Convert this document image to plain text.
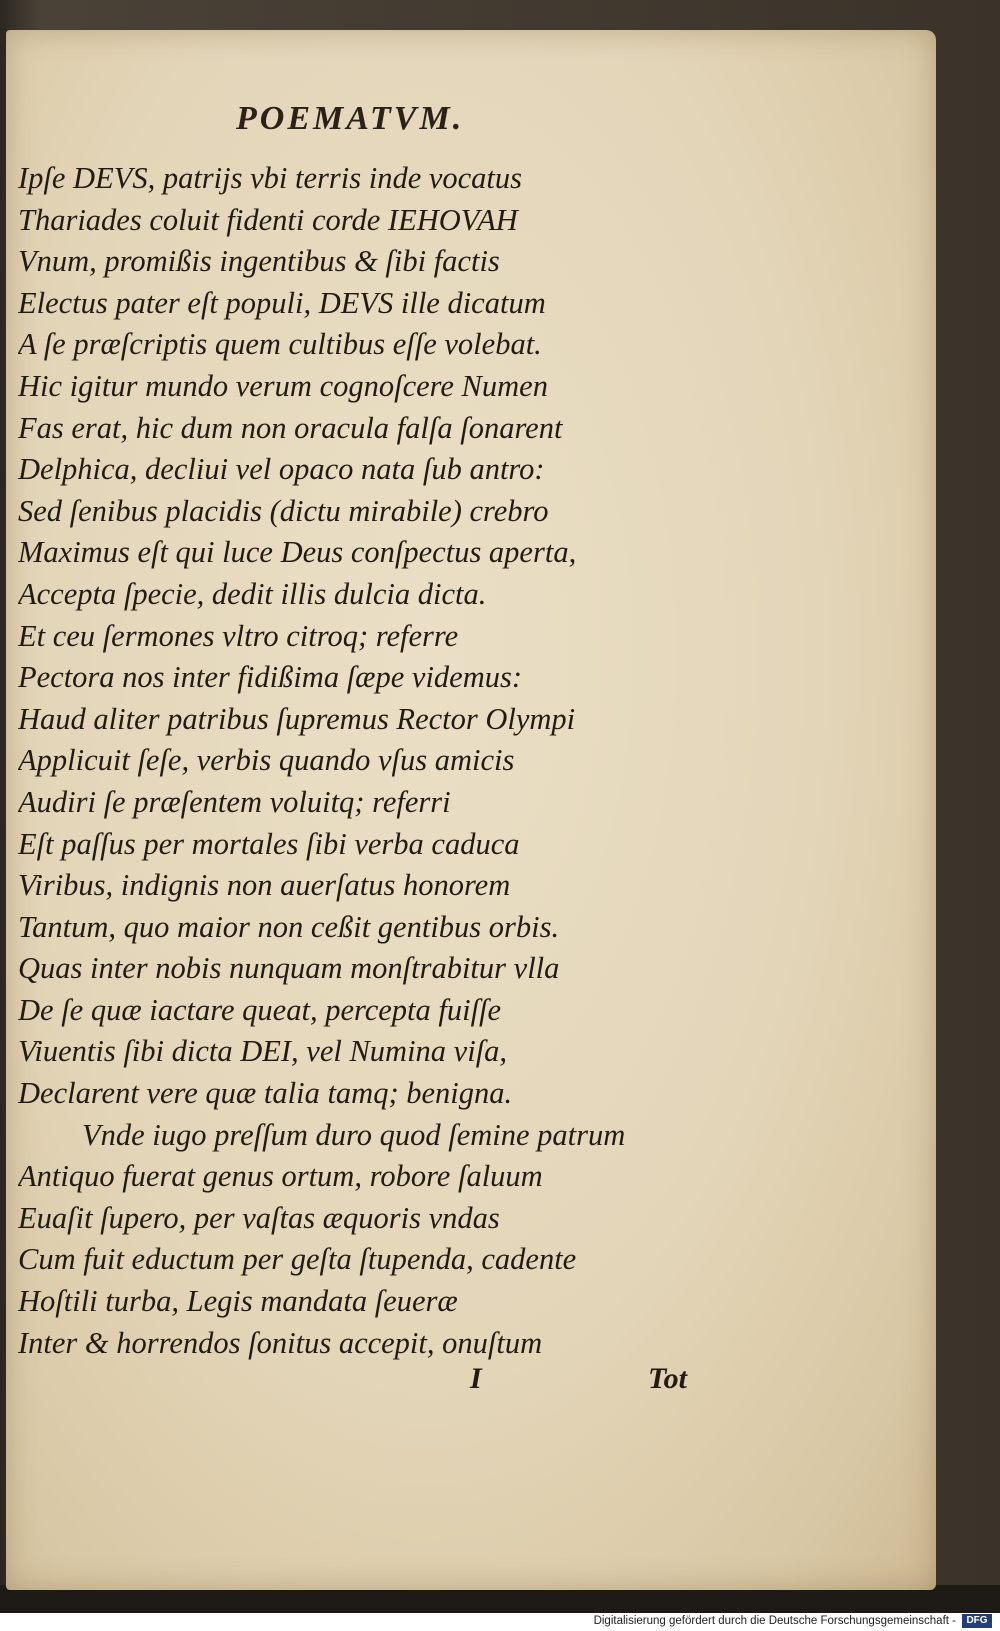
POEMATVM.
Ipſe DEVS, patrijs vbi terris inde vocatus
Thariades coluit fidenti corde IEHOVAH
Vnum, promißis ingentibus & ſibi factis
Electus pater eſt populi, DEVS ille dicatum
A ſe præſcriptis quem cultibus eſſe volebat.
Hic igitur mundo verum cognoſcere Numen
Fas erat, hic dum non oracula falſa ſonarent
Delphica, decliui vel opaco nata ſub antro:
Sed ſenibus placidis (dictu mirabile) crebro
Maximus eſt qui luce Deus conſpectus aperta,
Accepta ſpecie, dedit illis dulcia dicta.
Et ceu ſermones vltro citroq; referre
Pectora nos inter fidißima ſæpe videmus:
Haud aliter patribus ſupremus Rector Olympi
Applicuit ſeſe, verbis quando vſus amicis
Audiri ſe præſentem voluitq; referri
Eſt paſſus per mortales ſibi verba caduca
Viribus, indignis non auerſatus honorem
Tantum, quo maior non ceßit gentibus orbis.
Quas inter nobis nunquam monſtrabitur vlla
De ſe quæ iactare queat, percepta fuiſſe
Viuentis ſibi dicta DEI, vel Numina viſa,
Declarent vere quæ talia tamq; benigna.
Vnde iugo preſſum duro quod ſemine patrum
Antiquo fuerat genus ortum, robore ſaluum
Euaſit ſupero, per vaſtas æquoris vndas
Cum fuit eductum per geſta ſtupenda, cadente
Hoſtili turba, Legis mandata ſeueræ
Inter & horrendos ſonitus accepit, onuſtum
I	Tot
Digitalisierung gefördert durch die Deutsche Forschungsgemeinschaft -	DFG
